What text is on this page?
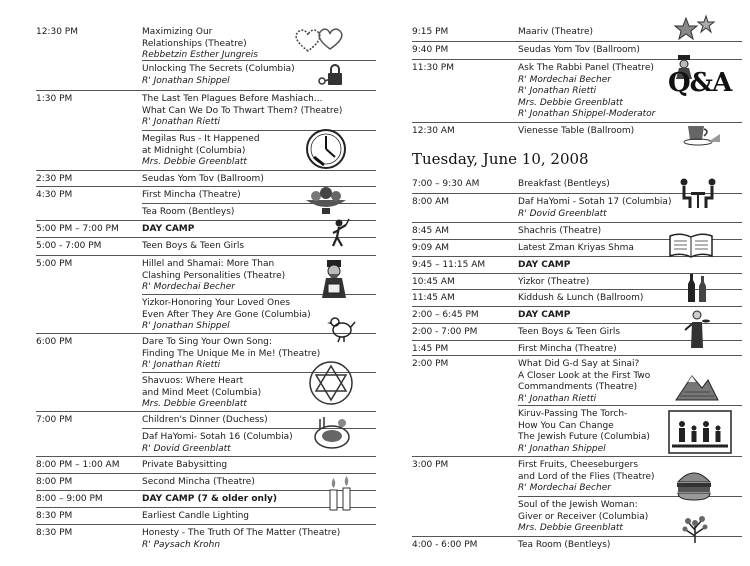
12:30 PM	Maximizing Our
Relationships (Theatre)
Rebbetzin Esther Jungreis
Unlocking The Secrets (Columbia)
R' Jonathan Shippel
1:30 PM	The Last Ten Plagues Before Mashiach...
What Can We Do To Thwart Them? (Theatre)
R' Jonathan Rietti
Megilas Rus - It Happened
at Midnight (Columbia)
Mrs. Debbie Greenblatt
2:30 PM	Seudas Yom Tov (Ballroom)
4:30 PM	First Mincha (Theatre)
Tea Room (Bentleys)
5:00 PM – 7:00 PM	DAY CAMP
5:00 - 7:00 PM	Teen Boys & Teen Girls
5:00 PM	Hillel and Shamai: More Than
Clashing Personalities (Theatre)
R' Mordechai Becher
Yizkor-Honoring Your Loved Ones
Even After They Are Gone (Columbia)
R' Jonathan Shippel
6:00 PM	Dare To Sing Your Own Song:
Finding The Unique Me in Me! (Theatre)
R' Jonathan Rietti
Shavuos: Where Heart
and Mind Meet (Columbia)
Mrs. Debbie Greenblatt
7:00 PM	Children's Dinner (Duchess)
Daf HaYomi- Sotah 16 (Columbia)
R' Dovid Greenblatt
8:00 PM – 1:00 AM	Private Babysitting
8:00 PM	Second Mincha (Theatre)
8:00 – 9:00 PM	DAY CAMP (7 & older only)
8:30 PM	Earliest Candle Lighting
8:30 PM	Honesty - The Truth Of The Matter (Theatre)
R' Paysach Krohn
9:15 PM	Maariv (Theatre)
9:40 PM	Seudas Yom Tov (Ballroom)
11:30 PM	Ask The Rabbi Panel (Theatre)
R' Mordechai Becher
R' Jonathan Rietti
Mrs. Debbie Greenblatt
R' Jonathan Shippel-Moderator
12:30 AM	Vienesse Table (Ballroom)
7:00 – 9:30 AM	Breakfast (Bentleys)
8:00 AM	Daf HaYomi - Sotah 17 (Columbia)
R' Dovid Greenblatt
8:45 AM	Shachris (Theatre)
9:09 AM	Latest Zman Kriyas Shma
9:45 – 11:15 AM	DAY CAMP
10:45 AM	Yizkor (Theatre)
11:45 AM	Kiddush & Lunch (Ballroom)
2:00 – 6:45 PM	DAY CAMP
2:00 - 7:00 PM	Teen Boys & Teen Girls
1:45 PM	First Mincha (Theatre)
2:00 PM	What Did G-d Say at Sinai?
A Closer Look at the First Two
Commandments (Theatre)
R' Jonathan Rietti
Kiruv-Passing The Torch-
How You Can Change
The Jewish Future (Columbia)
R' Jonathan Shippel
3:00 PM	First Fruits, Cheeseburgers
and Lord of the Flies (Theatre)
R' Mordechai Becher
Soul of the Jewish Woman:
Giver or Receiver (Columbia)
Mrs. Debbie Greenblatt
4:00 - 6:00 PM	Tea Room (Bentleys)
Q&A
Tuesday, June 10, 2008
